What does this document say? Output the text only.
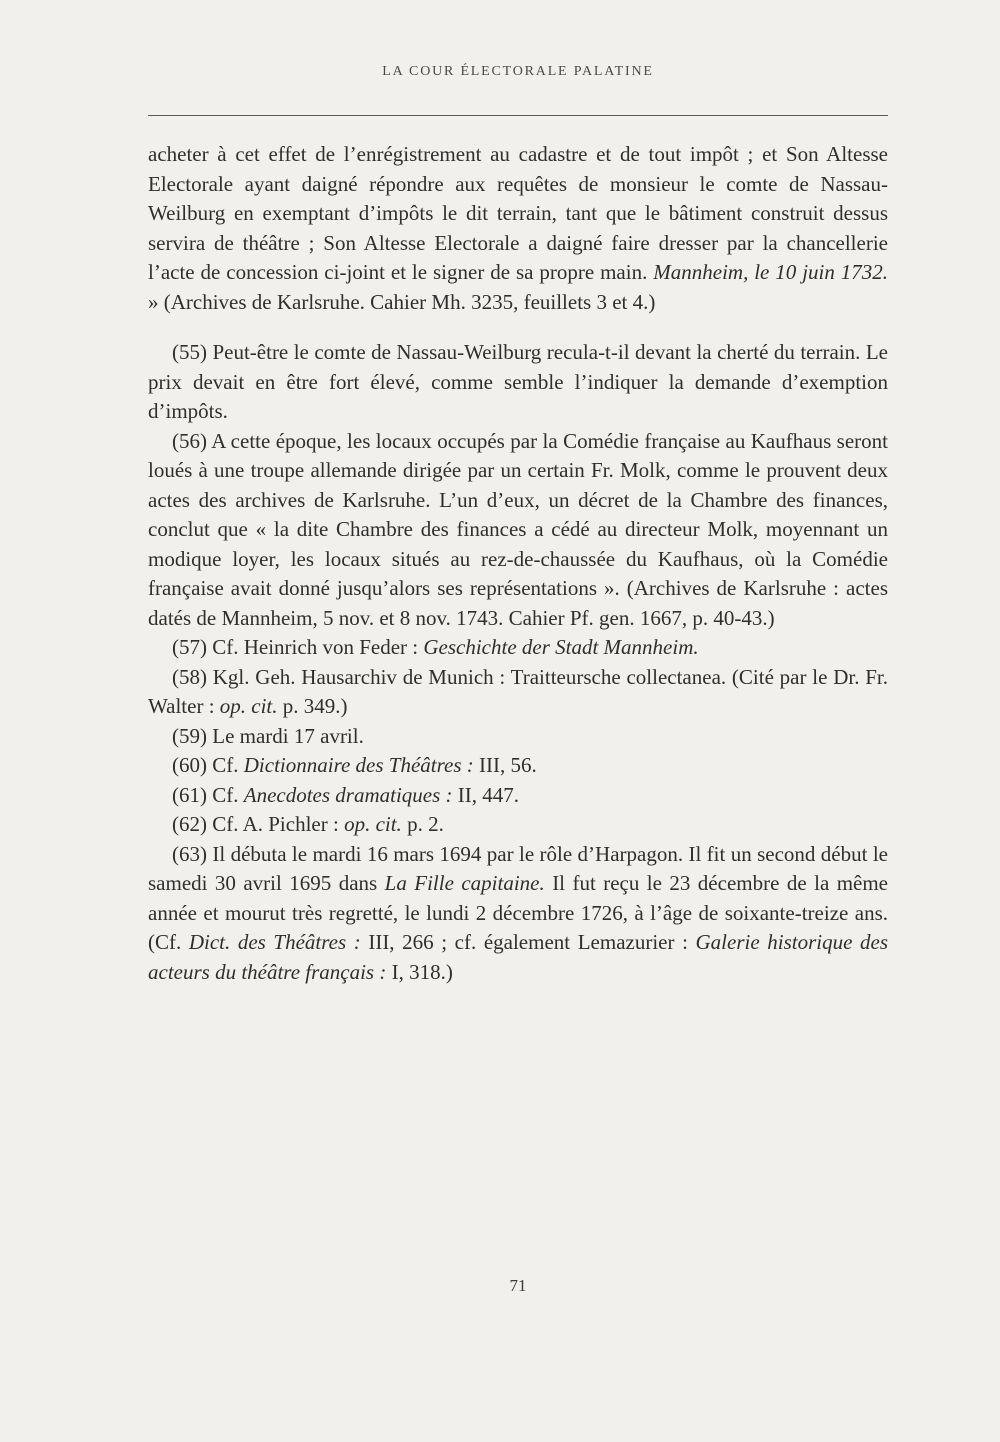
LA COUR ÉLECTORALE PALATINE

acheter à cet effet de l’enrégistrement au cadastre et de tout impôt ; et Son Altesse Electorale ayant daigné répondre aux requêtes de monsieur le comte de Nassau-Weilburg en exemptant d’impôts le dit terrain, tant que le bâtiment construit dessus servira de théâtre ; Son Altesse Electorale a daigné faire dresser par la chancellerie l’acte de concession ci-joint et le signer de sa propre main. Mannheim, le 10 juin 1732. » (Archives de Karlsruhe. Cahier Mh. 3235, feuillets 3 et 4.)

(55) Peut-être le comte de Nassau-Weilburg recula-t-il devant la cherté du terrain. Le prix devait en être fort élevé, comme semble l’indiquer la demande d’exemption d’impôts.

(56) A cette époque, les locaux occupés par la Comédie française au Kaufhaus seront loués à une troupe allemande dirigée par un certain Fr. Molk, comme le prouvent deux actes des archives de Karlsruhe. L’un d’eux, un décret de la Chambre des finances, conclut que « la dite Chambre des finances a cédé au directeur Molk, moyennant un modique loyer, les locaux situés au rez-de-chaussée du Kaufhaus, où la Comédie française avait donné jusqu’alors ses représentations ». (Archives de Karlsruhe : actes datés de Mannheim, 5 nov. et 8 nov. 1743. Cahier Pf. gen. 1667, p. 40-43.)

(57) Cf. Heinrich von Feder : Geschichte der Stadt Mannheim.

(58) Kgl. Geh. Hausarchiv de Munich : Traitteursche collectanea. (Cité par le Dr. Fr. Walter : op. cit. p. 349.)

(59) Le mardi 17 avril.

(60) Cf. Dictionnaire des Théâtres : III, 56.

(61) Cf. Anecdotes dramatiques : II, 447.

(62) Cf. A. Pichler : op. cit. p. 2.

(63) Il débuta le mardi 16 mars 1694 par le rôle d’Harpagon. Il fit un second début le samedi 30 avril 1695 dans La Fille capitaine. Il fut reçu le 23 décembre de la même année et mourut très regretté, le lundi 2 décembre 1726, à l’âge de soixante-treize ans. (Cf. Dict. des Théâtres : III, 266 ; cf. également Lemazurier : Galerie historique des acteurs du théâtre français : I, 318.)

71
